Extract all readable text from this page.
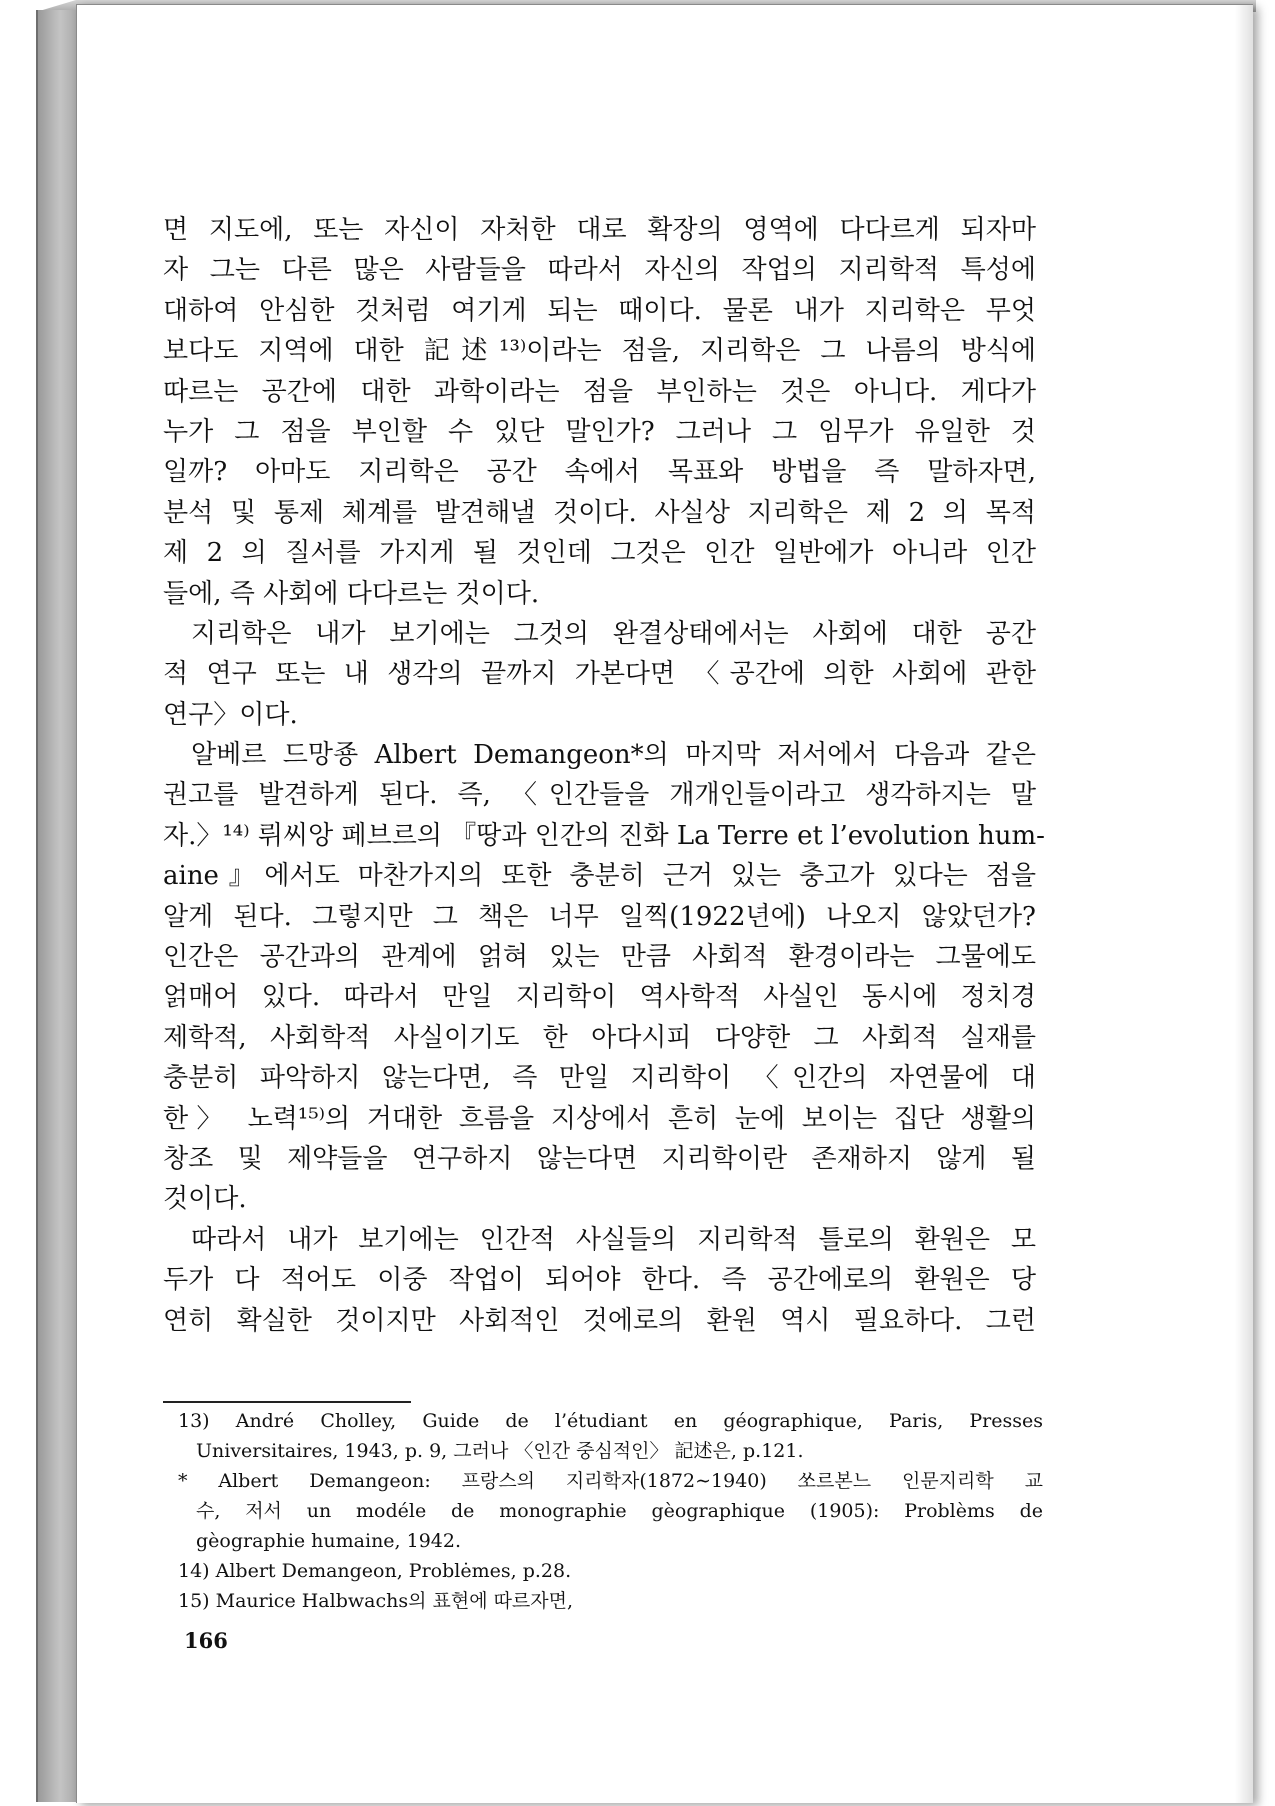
면 지도에, 또는 자신이 자처한 대로 확장의 영역에 다다르게 되자마
자 그는 다른 많은 사람들을 따라서 자신의 작업의 지리학적 특성에
대하여 안심한 것처럼 여기게 되는 때이다. 물론 내가 지리학은 무엇
보다도 지역에 대한 記述¹³⁾이라는 점을, 지리학은 그 나름의 방식에
따르는 공간에 대한 과학이라는 점을 부인하는 것은 아니다. 게다가
누가 그 점을 부인할 수 있단 말인가? 그러나 그 임무가 유일한 것
일까? 아마도 지리학은 공간 속에서 목표와 방법을 즉 말하자면,
분석 및 통제 체계를 발견해낼 것이다. 사실상 지리학은 제 2 의 목적
제 2 의 질서를 가지게 될 것인데 그것은 인간 일반에가 아니라 인간
들에, 즉 사회에 다다르는 것이다.
지리학은 내가 보기에는 그것의 완결상태에서는 사회에 대한 공간
적 연구 또는 내 생각의 끝까지 가본다면 〈공간에 의한 사회에 관한
연구〉이다.
알베르 드망죵 Albert Demangeon*의 마지막 저서에서 다음과 같은
권고를 발견하게 된다. 즉, 〈인간들을 개개인들이라고 생각하지는 말
자.〉¹⁴⁾ 뤼씨앙 페브르의 『땅과 인간의 진화 La Terre et l’evolution hum-
aine』에서도 마찬가지의 또한 충분히 근거 있는 충고가 있다는 점을
알게 된다. 그렇지만 그 책은 너무 일찍(1922년에) 나오지 않았던가?
인간은 공간과의 관계에 얽혀 있는 만큼 사회적 환경이라는 그물에도
얽매어 있다. 따라서 만일 지리학이 역사학적 사실인 동시에 정치경
제학적, 사회학적 사실이기도 한 아다시피 다양한 그 사회적 실재를
충분히 파악하지 않는다면, 즉 만일 지리학이 〈인간의 자연물에 대
한〉 노력¹⁵⁾의 거대한 흐름을 지상에서 흔히 눈에 보이는 집단 생활의
창조 및 제약들을 연구하지 않는다면 지리학이란 존재하지 않게 될
것이다.
따라서 내가 보기에는 인간적 사실들의 지리학적 틀로의 환원은 모
두가 다 적어도 이중 작업이 되어야 한다. 즉 공간에로의 환원은 당
연히 확실한 것이지만 사회적인 것에로의 환원 역시 필요하다. 그런
13) André Cholley, Guide de l’étudiant en géographique, Paris, Presses
Universitaires, 1943, p. 9, 그러나 〈인간 중심적인〉 記述은, p.121.
* Albert Demangeon: 프랑스의 지리학자(1872∼1940) 쏘르본느 인문지리학 교
수, 저서 un modéle de monographie gèographique (1905): Problèms de
gèographie humaine, 1942.
14) Albert Demangeon, Problėmes, p.28.
15) Maurice Halbwachs의 표현에 따르자면,
166
